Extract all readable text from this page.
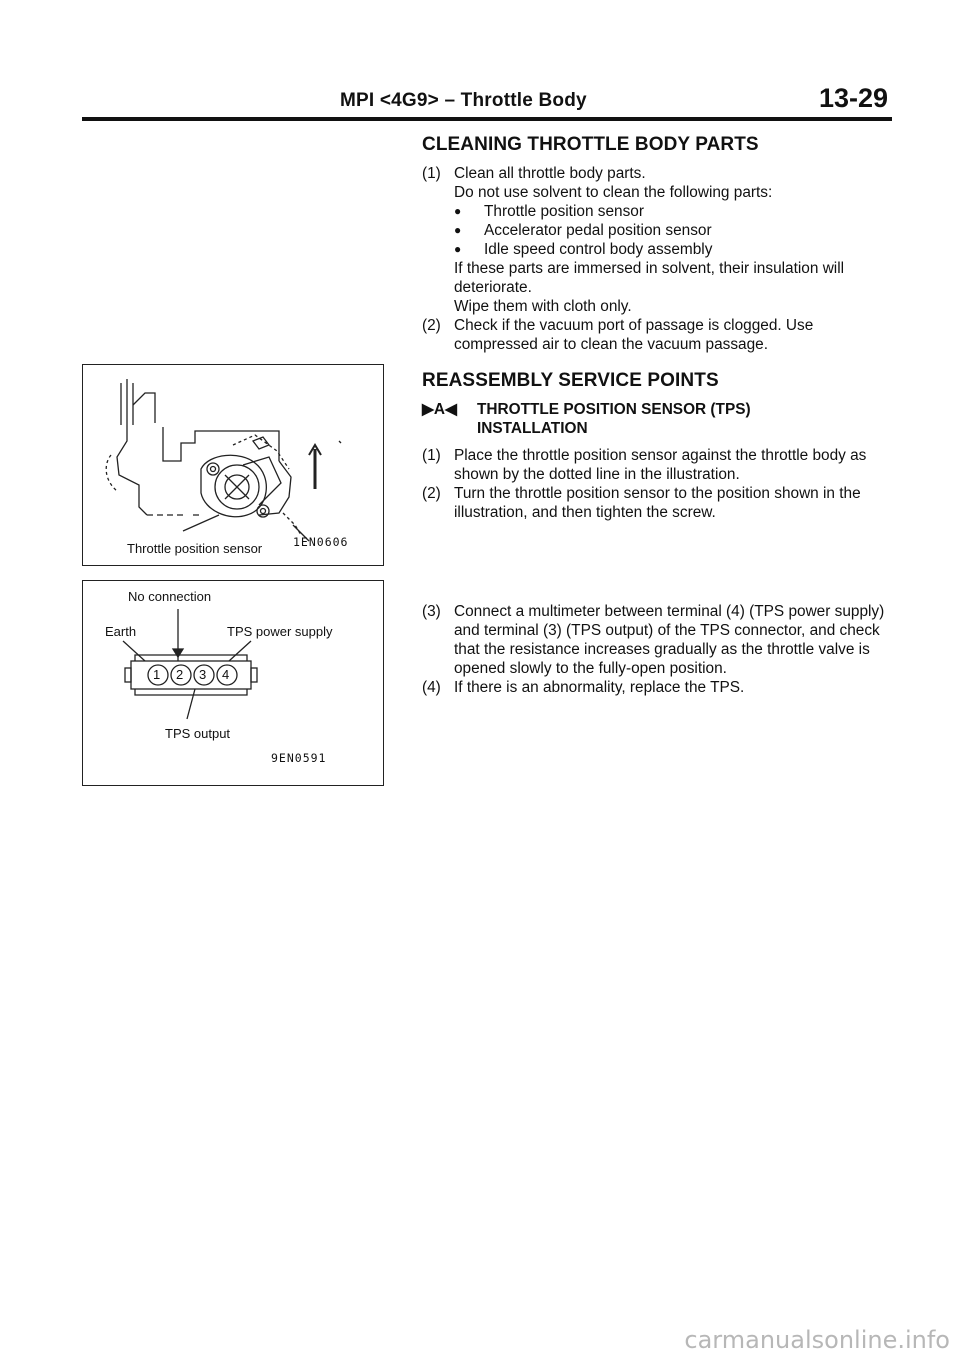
MPI <4G9> – Throttle Body	13-29
CLEANING THROTTLE BODY PARTS
(1) Clean all throttle body parts.
Do not use solvent to clean the following parts:
●	Throttle position sensor
●	Accelerator pedal position sensor
●	Idle speed control body assembly
If these parts are immersed in solvent, their insulation will deteriorate.
Wipe them with cloth only.
(2) Check if the vacuum port of passage is clogged. Use compressed air to clean the vacuum passage.
REASSEMBLY SERVICE POINTS
▶A◀	THROTTLE POSITION SENSOR (TPS)
INSTALLATION
(1) Place the throttle position sensor against the throttle body as shown by the dotted line in the illustration.
(2) Turn the throttle position sensor to the position shown in the illustration, and then tighten the screw.
(3) Connect a multimeter between terminal (4) (TPS power supply) and terminal (3) (TPS output) of the TPS connector, and check that the resistance increases gradually as the throttle valve is opened slowly to the fully-open position.
(4) If there is an abnormality, replace the TPS.
Throttle position sensor	1EN0606
1 2 3 4
No connection
Earth	TPS power supply
TPS output
9EN0591
carmanualsonline.info
